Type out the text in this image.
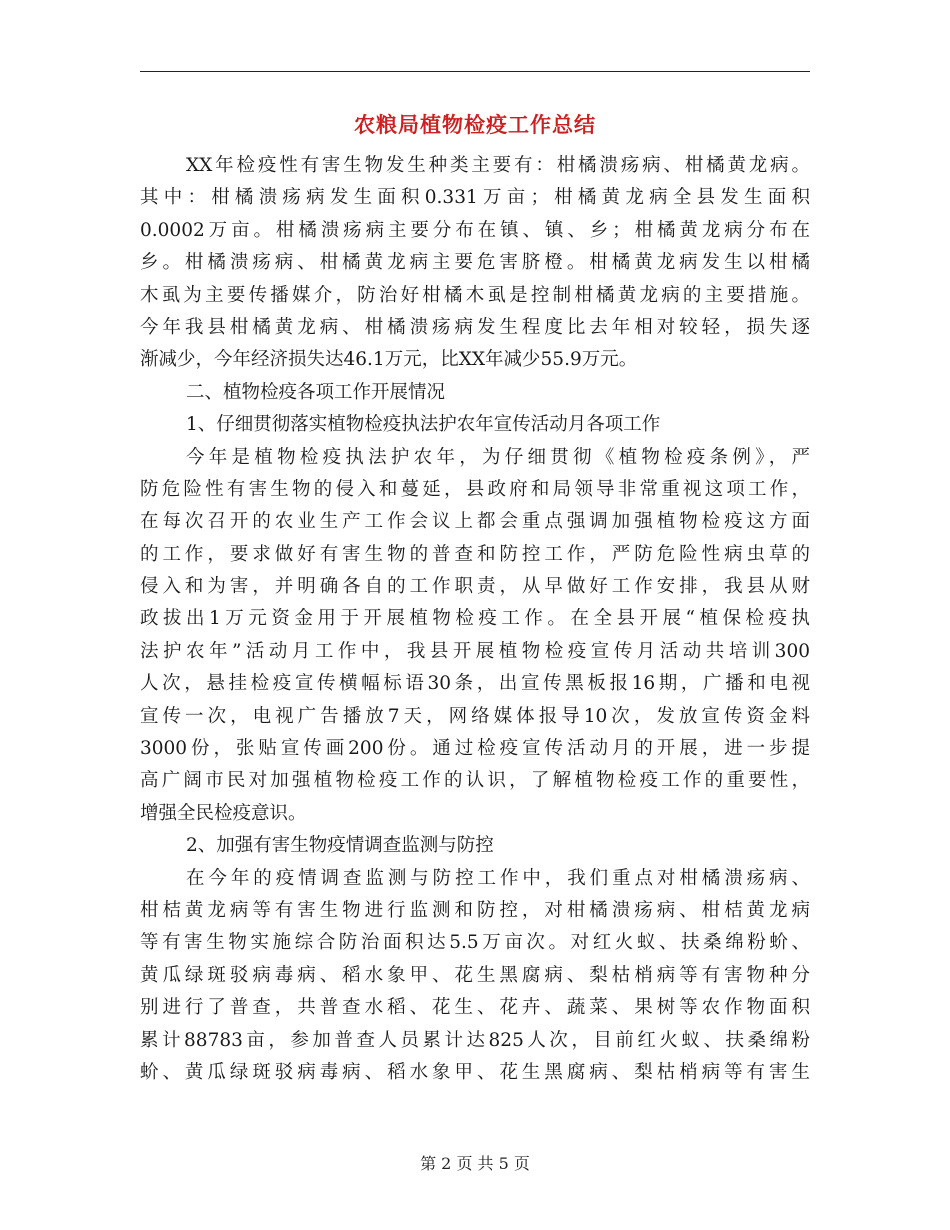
农粮局植物检疫工作总结
XX年检疫性有害生物发生种类主要有：柑橘溃疡病、柑橘黄龙病。
其中：柑橘溃疡病发生面积0.331万亩；柑橘黄龙病全县发生面积
0.0002万亩。柑橘溃疡病主要分布在镇、镇、乡；柑橘黄龙病分布在
乡。柑橘溃疡病、柑橘黄龙病主要危害脐橙。柑橘黄龙病发生以柑橘
木虱为主要传播媒介，防治好柑橘木虱是控制柑橘黄龙病的主要措施。
今年我县柑橘黄龙病、柑橘溃疡病发生程度比去年相对较轻，损失逐
渐减少，今年经济损失达46.1万元，比XX年减少55.9万元。
二、植物检疫各项工作开展情况
1、仔细贯彻落实植物检疫执法护农年宣传活动月各项工作
今年是植物检疫执法护农年，为仔细贯彻《植物检疫条例》，严
防危险性有害生物的侵入和蔓延，县政府和局领导非常重视这项工作，
在每次召开的农业生产工作会议上都会重点强调加强植物检疫这方面
的工作，要求做好有害生物的普查和防控工作，严防危险性病虫草的
侵入和为害，并明确各自的工作职责，从早做好工作安排，我县从财
政拔出1万元资金用于开展植物检疫工作。在全县开展“植保检疫执
法护农年”活动月工作中，我县开展植物检疫宣传月活动共培训300
人次，悬挂检疫宣传横幅标语30条，出宣传黑板报16期，广播和电视
宣传一次，电视广告播放7天，网络媒体报导10次，发放宣传资金料
3000份，张贴宣传画200份。通过检疫宣传活动月的开展，进一步提
高广阔市民对加强植物检疫工作的认识，了解植物检疫工作的重要性，
增强全民检疫意识。
2、加强有害生物疫情调查监测与防控
在今年的疫情调查监测与防控工作中，我们重点对柑橘溃疡病、
柑桔黄龙病等有害生物进行监测和防控，对柑橘溃疡病、柑桔黄龙病
等有害生物实施综合防治面积达5.5万亩次。对红火蚁、扶桑绵粉蚧、
黄瓜绿斑驳病毒病、稻水象甲、花生黑腐病、梨枯梢病等有害物种分
别进行了普查，共普查水稻、花生、花卉、蔬菜、果树等农作物面积
累计88783亩，参加普查人员累计达825人次，目前红火蚁、扶桑绵粉
蚧、黄瓜绿斑驳病毒病、稻水象甲、花生黑腐病、梨枯梢病等有害生
第 2 页 共 5 页
